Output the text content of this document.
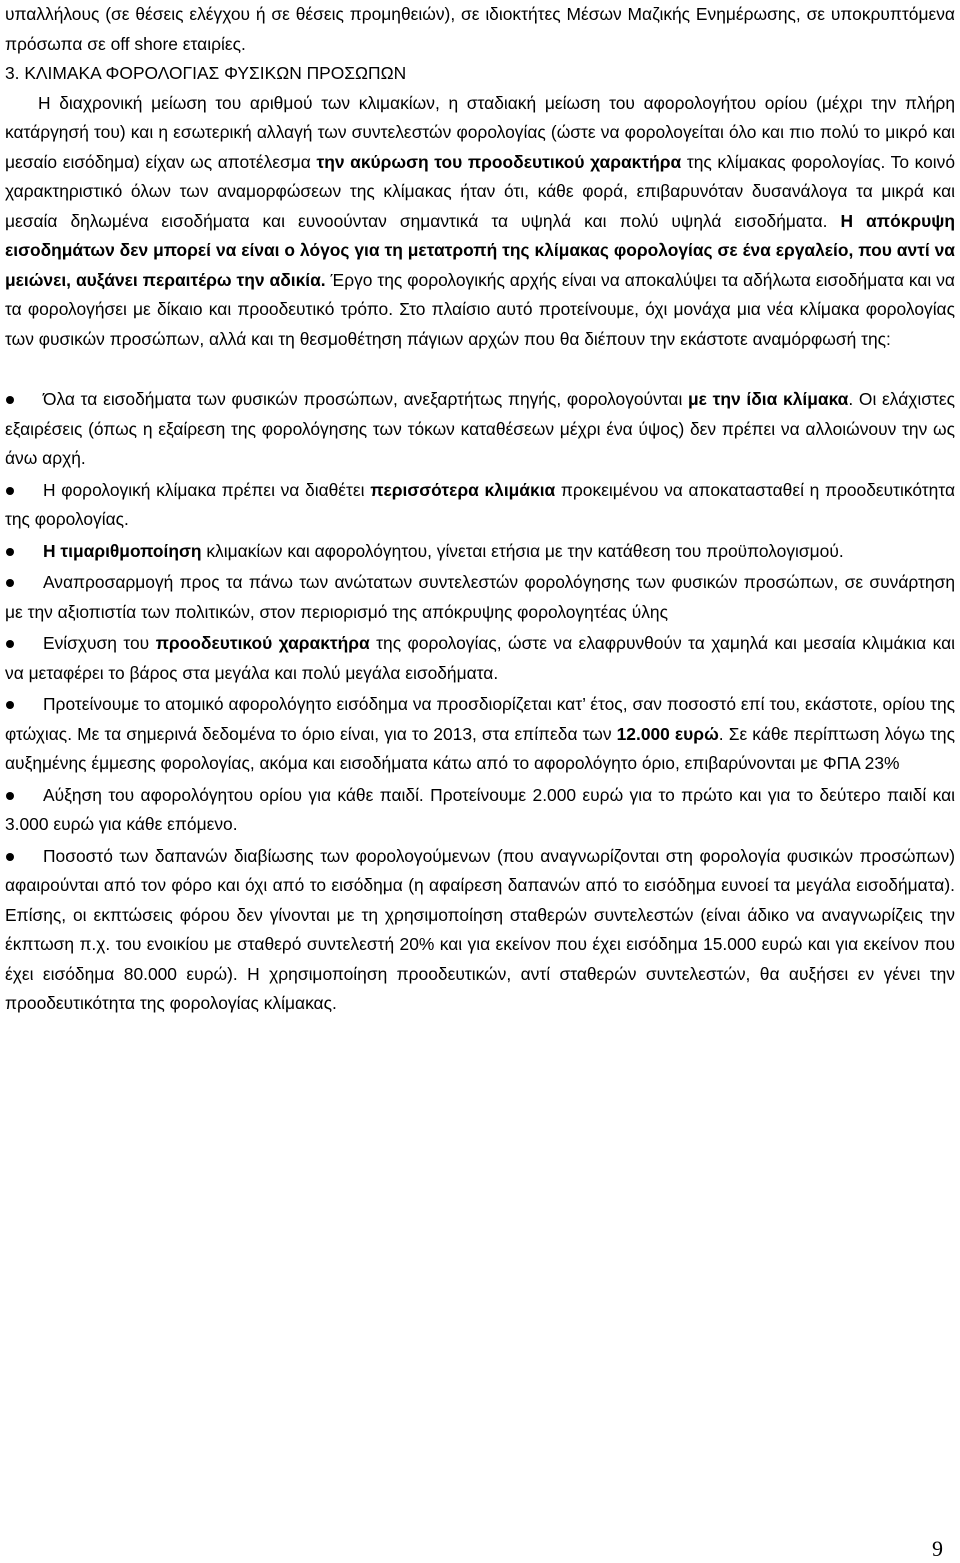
υπαλλήλους (σε θέσεις ελέγχου ή σε θέσεις προμηθειών), σε ιδιοκτήτες Μέσων Μαζικής Ενημέρωσης, σε υποκρυπτόμενα πρόσωπα σε off shore εταιρίες.

3. ΚΛΙΜΑΚΑ ΦΟΡΟΛΟΓΙΑΣ ΦΥΣΙΚΩΝ ΠΡΟΣΩΠΩΝ

Η διαχρονική μείωση του αριθμού των κλιμακίων, η σταδιακή μείωση του αφορολογήτου ορίου (μέχρι την πλήρη κατάργησή του) και η εσωτερική αλλαγή των συντελεστών φορολογίας (ώστε να φορολογείται όλο και πιο πολύ το μικρό και μεσαίο εισόδημα) είχαν ως αποτέλεσμα την ακύρωση του προοδευτικού χαρακτήρα της κλίμακας φορολογίας. Το κοινό χαρακτηριστικό όλων των αναμορφώσεων της κλίμακας ήταν ότι, κάθε φορά, επιβαρυνόταν δυσανάλογα τα μικρά και μεσαία δηλωμένα εισοδήματα και ευνοούνταν σημαντικά τα υψηλά και πολύ υψηλά εισοδήματα. Η απόκρυψη εισοδημάτων δεν μπορεί να είναι ο λόγος για τη μετατροπή της κλίμακας φορολογίας σε ένα εργαλείο, που αντί να μειώνει, αυξάνει περαιτέρω την αδικία. Έργο της φορολογικής αρχής είναι να αποκαλύψει τα αδήλωτα εισοδήματα και να τα φορολογήσει με δίκαιο και προοδευτικό τρόπο. Στο πλαίσιο αυτό προτείνουμε, όχι μονάχα μια νέα κλίμακα φορολογίας των φυσικών προσώπων, αλλά και τη θεσμοθέτηση πάγιων αρχών που θα διέπουν την εκάστοτε αναμόρφωσή της:

Όλα τα εισοδήματα των φυσικών προσώπων, ανεξαρτήτως πηγής, φορολογούνται με την ίδια κλίμακα. Οι ελάχιστες εξαιρέσεις (όπως η εξαίρεση της φορολόγησης των τόκων καταθέσεων μέχρι ένα ύψος) δεν πρέπει να αλλοιώνουν την ως άνω αρχή.
Η φορολογική κλίμακα πρέπει να διαθέτει περισσότερα κλιμάκια προκειμένου να αποκατασταθεί η προοδευτικότητα της φορολογίας.
Η τιμαριθμοποίηση κλιμακίων και αφορολόγητου, γίνεται ετήσια με την κατάθεση του προϋπολογισμού.
Αναπροσαρμογή προς τα πάνω των ανώτατων συντελεστών φορολόγησης των φυσικών προσώπων, σε συνάρτηση με την αξιοπιστία των πολιτικών, στον περιορισμό της απόκρυψης φορολογητέας ύλης
Ενίσχυση του προοδευτικού χαρακτήρα της φορολογίας, ώστε να ελαφρυνθούν τα χαμηλά και μεσαία κλιμάκια και να μεταφέρει το βάρος στα μεγάλα και πολύ μεγάλα εισοδήματα.
Προτείνουμε το ατομικό αφορολόγητο εισόδημα να προσδιορίζεται κατ’ έτος, σαν ποσοστό επί του, εκάστοτε, ορίου της φτώχιας. Με τα σημερινά δεδομένα το όριο είναι, για το 2013, στα επίπεδα των 12.000 ευρώ. Σε κάθε περίπτωση λόγω της αυξημένης έμμεσης φορολογίας, ακόμα και εισοδήματα κάτω από το αφορολόγητο όριο, επιβαρύνονται με ΦΠΑ 23%
Αύξηση του αφορολόγητου ορίου για κάθε παιδί. Προτείνουμε 2.000 ευρώ για το πρώτο και για το δεύτερο παιδί και 3.000 ευρώ για κάθε επόμενο.
Ποσοστό των δαπανών διαβίωσης των φορολογούμενων (που αναγνωρίζονται στη φορολογία φυσικών προσώπων) αφαιρούνται από τον φόρο και όχι από το εισόδημα (η αφαίρεση δαπανών από το εισόδημα ευνοεί τα μεγάλα εισοδήματα). Επίσης, οι εκπτώσεις φόρου δεν γίνονται με τη χρησιμοποίηση σταθερών συντελεστών (είναι άδικο να αναγνωρίζεις την έκπτωση π.χ. του ενοικίου με σταθερό συντελεστή 20% και για εκείνον που έχει εισόδημα 15.000 ευρώ και για εκείνον που έχει εισόδημα 80.000 ευρώ). Η χρησιμοποίηση προοδευτικών, αντί σταθερών συντελεστών, θα αυξήσει εν γένει την προοδευτικότητα της φορολογίας κλίμακας.
9
